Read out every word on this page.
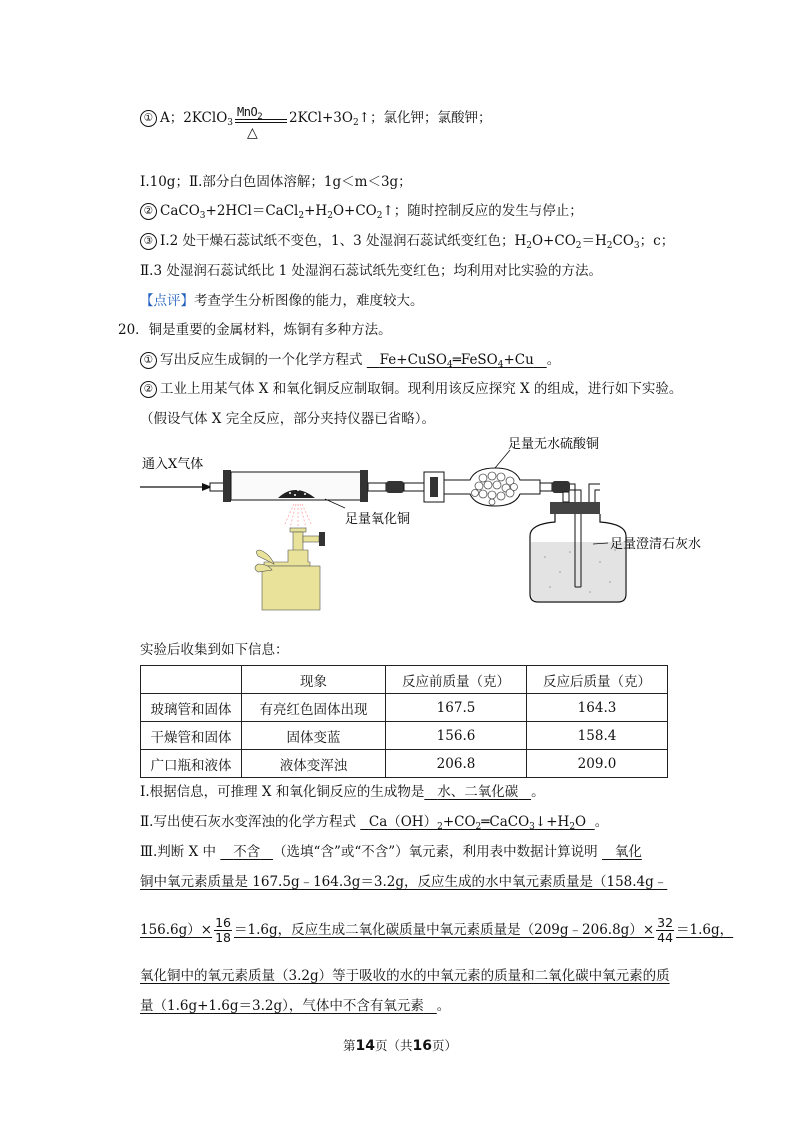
① A；2KClO$_3$
MnO$_2$
△
$2KCl+3O_2↑$；氯化钾；氯酸钾；
Ⅰ.10g；Ⅱ.部分白色固体溶解；1g＜m＜3g；
② $CaCO_3+2HCl=CaCl_2+H_2O+CO_2↑$；随时控制反应的发生与停止；
③ Ⅰ.2 处干燥石蕊试纸不变色，1、3 处湿润石蕊试纸变红色；$H_2O+CO_2=H_2CO_3$；c；
Ⅱ.3 处湿润石蕊试纸比 1 处湿润石蕊试纸先变红色；均利用对比实验的方法。
【点评】考查学生分析图像的能力，难度较大。
20．铜是重要的金属材料，炼铜有多种方法。
① 写出反应生成铜的一个化学方程式 Fe+CuSO$_4$═FeSO$_4$+Cu 。
② 工业上用某气体 X 和氧化铜反应制取铜。现利用该反应探究 X 的组成，进行如下实验。
（假设气体 X 完全反应，部分夹持仪器已省略）。
通入X气体
足量氧化铜
足量无水硫酸铜
足量澄清石灰水
实验后收集到如下信息：
	现象	反应前质量（克）	反应后质量（克）
玻璃管和固体	有亮红色固体出现	167.5	164.3
干燥管和固体	固体变蓝	156.6	158.4
广口瓶和液体	液体变浑浊	206.8	209.0
Ⅰ.根据信息，可推理 X 和氧化铜反应的生成物是 水、二氧化碳 。
Ⅱ.写出使石灰水变浑浊的化学方程式 $Ca(OH)_2+CO_2═CaCO_3↓+H_2O$ 。
Ⅲ.判断 X 中 不含 （选填“含”或“不含”）氧元素，利用表中数据计算说明 氧化
铜中氧元素质量是 167.5g﹣164.3g＝3.2g，反应生成的水中氧元素质量是（158.4g﹣
$156.6g)\times \frac{16}{18} =1.6g$，反应生成二氧化碳质量中氧元素质量是（209g﹣206.8g）× $\frac{32}{44} =1.6g$，
氧化铜中的氧元素质量（3.2g）等于吸收的水的中氧元素的质量和二氧化碳中氧元素的质
量（1.6g+1.6g＝3.2g），气体中不含有氧元素 。
第14页（共16页）
